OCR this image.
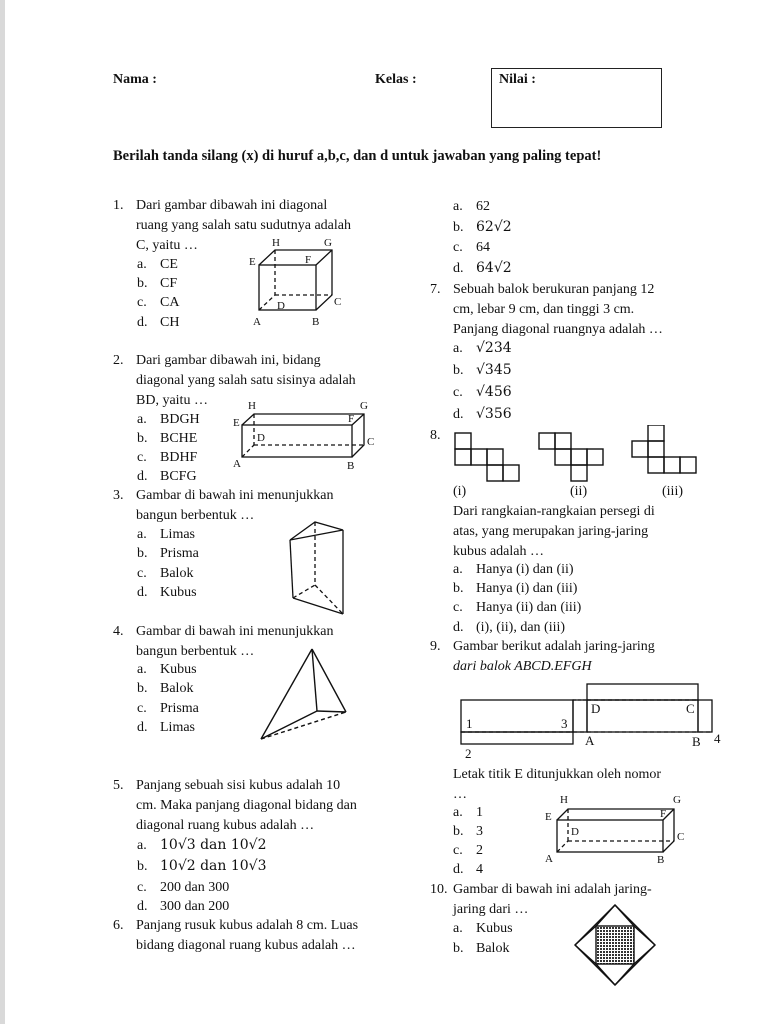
Nama :	Kelas :	Nilai :
Berilah tanda silang (x) di huruf a,b,c, dan d untuk jawaban yang paling tepat!
1. Dari gambar dibawah ini diagonal
ruang yang salah satu sudutnya adalah
C, yaitu …
a. CE
b. CF
c. CA
d. CH
H	G
E	F
D	C
A	B
2. Dari gambar dibawah ini, bidang
diagonal yang salah satu sisinya adalah
BD, yaitu …
a. BDGH
b. BCHE
c. BDHF
d. BCFG
H	G
E	F
D	C
A	B
3. Gambar di bawah ini menunjukkan
bangun berbentuk …
a. Limas
b. Prisma
c. Balok
d. Kubus
4. Gambar di bawah ini menunjukkan
bangun berbentuk …
a. Kubus
b. Balok
c. Prisma
d. Limas
5. Panjang sebuah sisi kubus adalah 10
cm. Maka panjang diagonal bidang dan
diagonal ruang kubus adalah …
a. 10√3 dan 10√2
b. 10√2 dan 10√3
c. 200 dan 300
d. 300 dan 200
6. Panjang rusuk kubus adalah 8 cm. Luas
bidang diagonal ruang kubus adalah …
a. 62
b. 62√2
c. 64
d. 64√2
7. Sebuah balok berukuran panjang 12
cm, lebar 9 cm, dan tinggi 3 cm.
Panjang diagonal ruangnya adalah …
a. √234
b. √345
c. √456
d. √356
8.
(i)	(ii)	(iii)
Dari rangkaian-rangkaian persegi di
atas, yang merupakan jaring-jaring
kubus adalah …
a. Hanya (i) dan (ii)
b. Hanya (i) dan (iii)
c. Hanya (ii) dan (iii)
d. (i), (ii), dan (iii)
9. Gambar berikut adalah jaring-jaring
dari balok ABCD.EFGH
D	C
1	3
A	B 4
2
Letak titik E ditunjukkan oleh nomor
…
a. 1
b. 3
c. 2
d. 4
H	G
E	F
D	C
A	B
10. Gambar di bawah ini adalah jaring-
jaring dari …
a. Kubus
b. Balok
